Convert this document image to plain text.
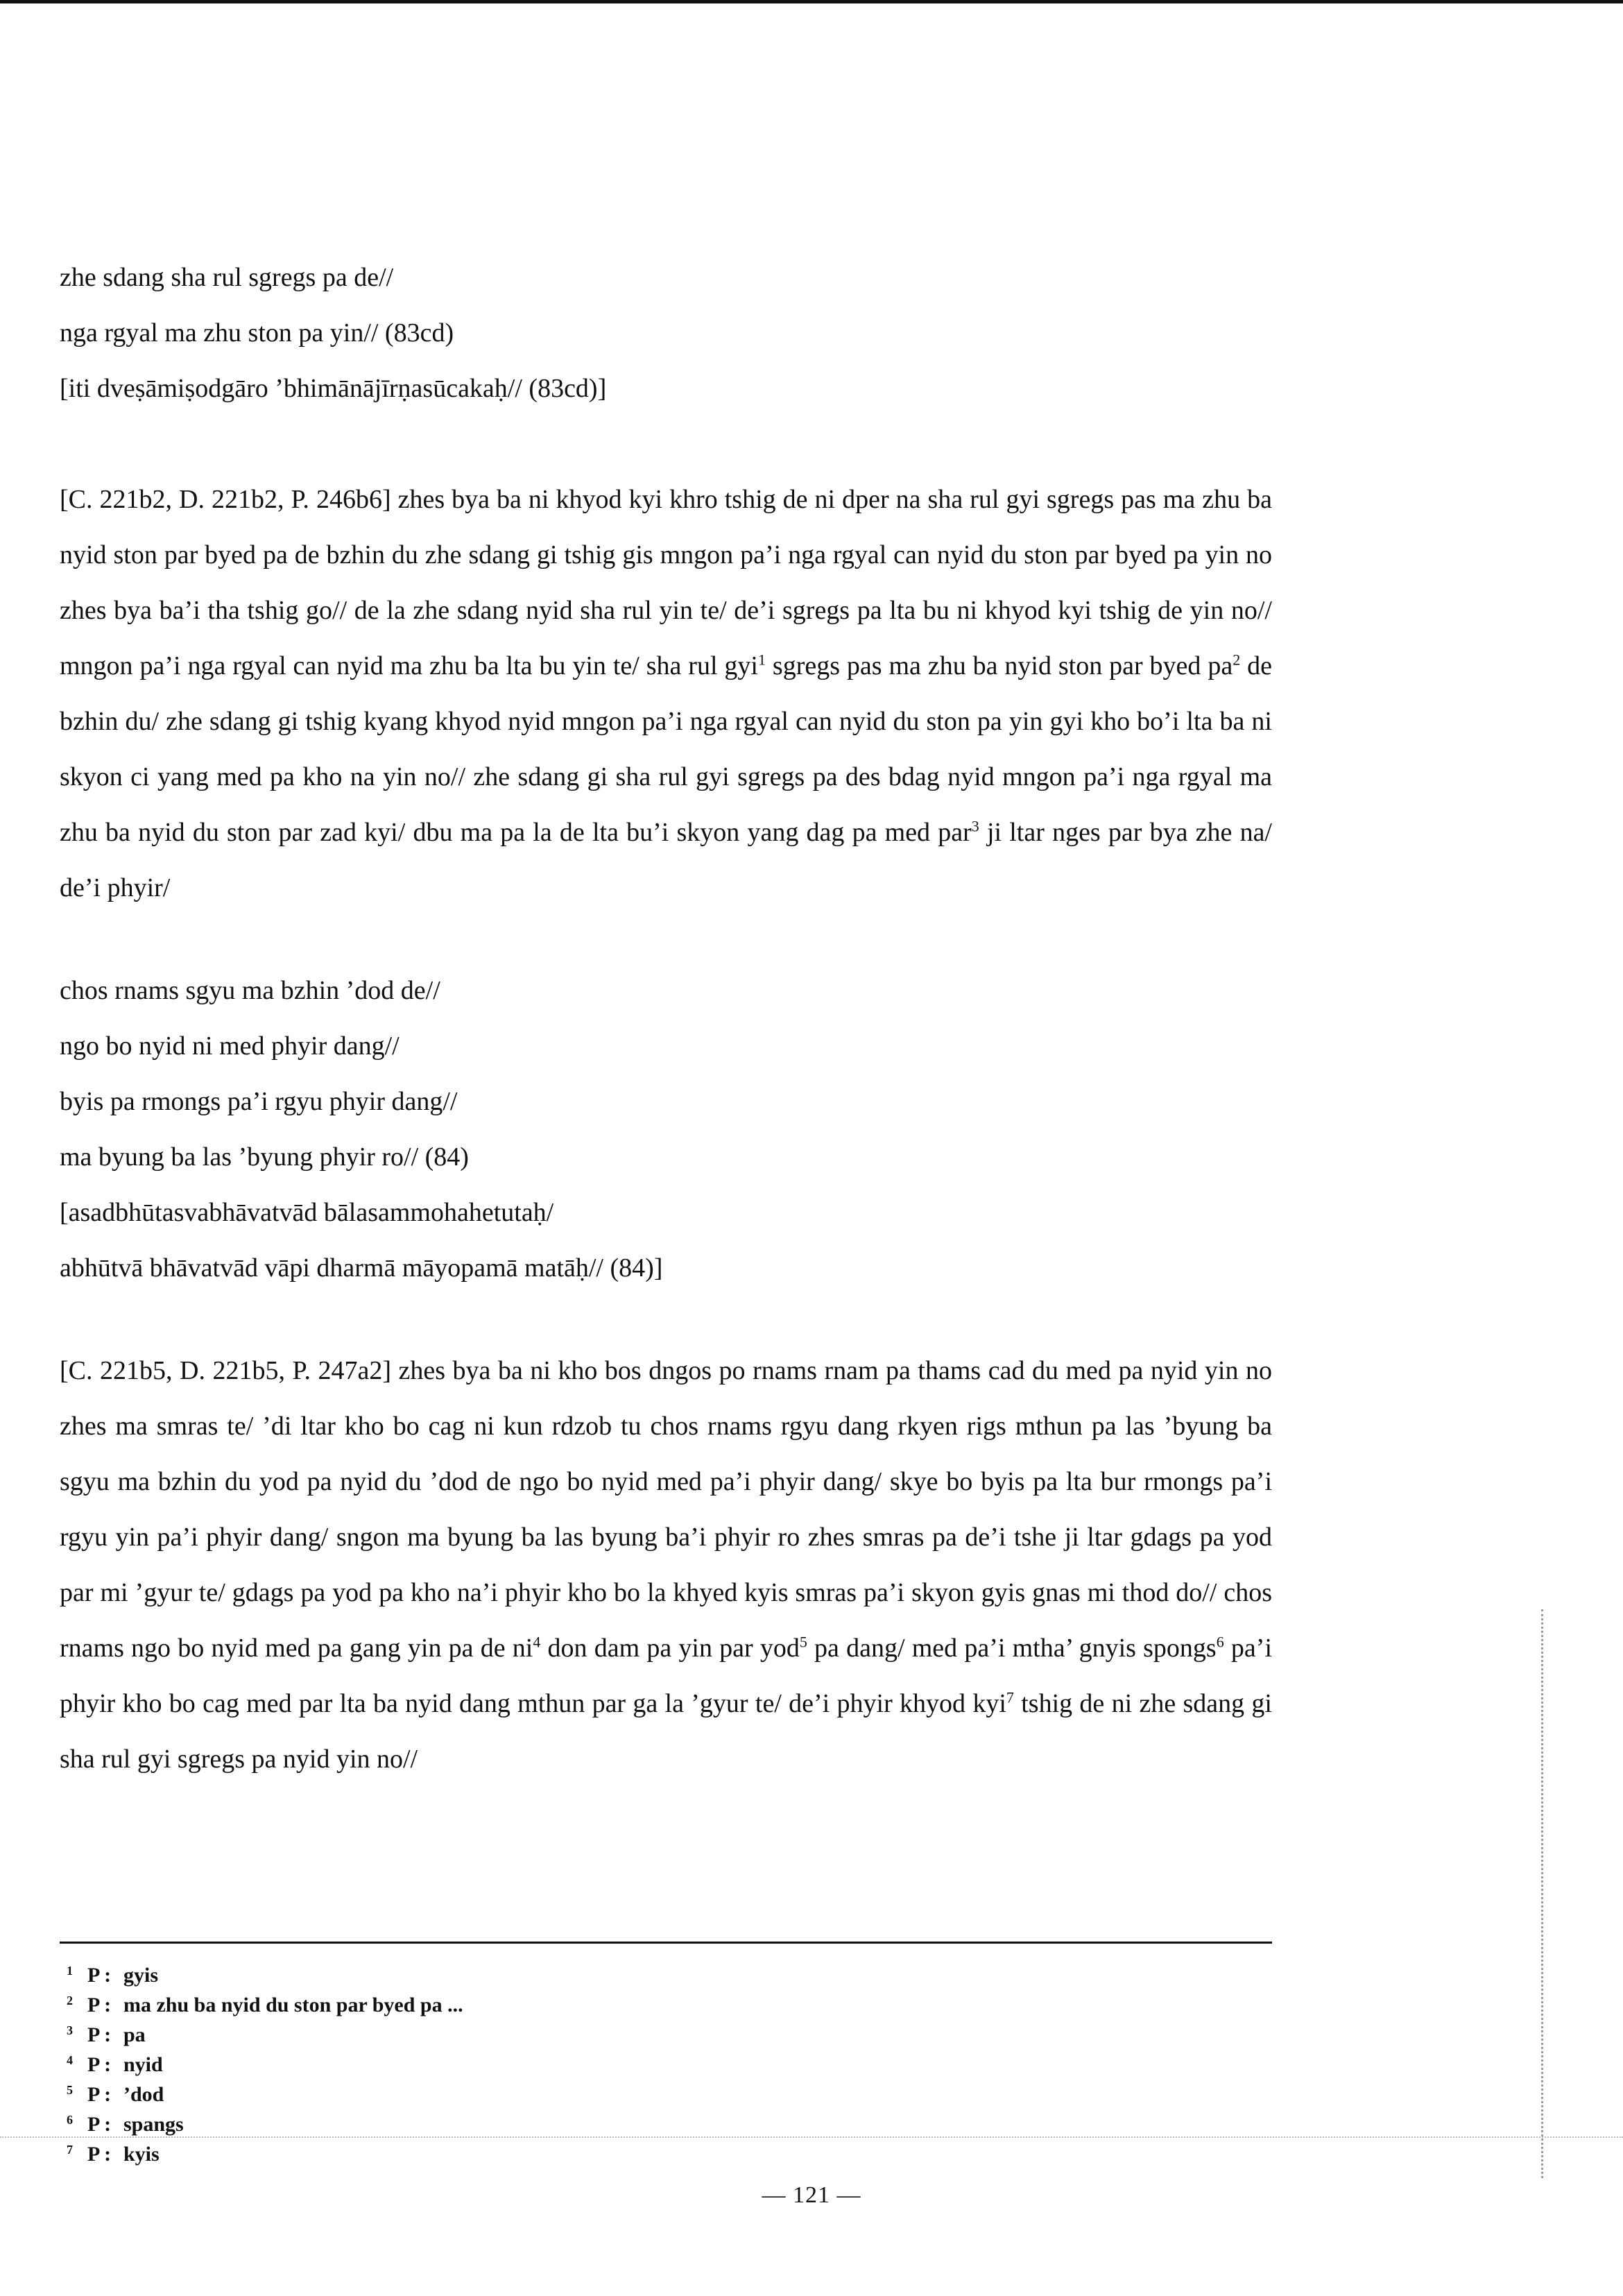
zhe sdang sha rul sgregs pa de//
nga rgyal ma zhu ston pa yin// (83cd)
[iti dveṣāmiṣodgāro ’bhimānājīrṇasūcakaḥ// (83cd)]

[C. 221b2, D. 221b2, P. 246b6] zhes bya ba ni khyod kyi khro tshig de ni dper na sha rul gyi sgregs pas ma zhu ba nyid ston par byed pa de bzhin du zhe sdang gi tshig gis mngon pa’i nga rgyal can nyid du ston par byed pa yin no zhes bya ba’i tha tshig go// de la zhe sdang nyid sha rul yin te/ de’i sgregs pa lta bu ni khyod kyi tshig de yin no// mngon pa’i nga rgyal can nyid ma zhu ba lta bu yin te/ sha rul gyi$^1$ sgregs pas ma zhu ba nyid ston par byed $pa^2$ de bzhin du/ zhe sdang gi tshig kyang khyod nyid mngon pa’i nga rgyal can nyid du ston pa yin gyi kho bo’i lta ba ni skyon ci yang med pa kho na yin no// zhe sdang gi sha rul gyi sgregs pa des bdag nyid mngon pa’i nga rgyal ma zhu ba nyid du ston par zad kyi/ dbu ma pa la de lta bu’i skyon yang dag pa med par$^3$ ji ltar nges par bya zhe na/ de’i phyir/

chos rnams sgyu ma bzhin ’dod de//
ngo bo nyid ni med phyir dang//
byis pa rmongs pa’i rgyu phyir dang//
ma byung ba las ’byung phyir ro// (84)
[asadbhūtasvabhāvatvād bālasammohahetutaḥ/
abhūtvā bhāvatvād vāpi dharmā māyopamā matāḥ// (84)]

[C. 221b5, D. 221b5, P. 247a2] zhes bya ba ni kho bos dngos po rnams rnam pa thams cad du med pa nyid yin no zhes ma smras te/ ’di ltar kho bo cag ni kun rdzob tu chos rnams rgyu dang rkyen rigs mthun pa las ’byung ba sgyu ma bzhin du yod pa nyid du ’dod de ngo bo nyid med pa’i phyir dang/ skye bo byis pa lta bur rmongs pa’i rgyu yin pa’i phyir dang/ sngon ma byung ba las byung ba’i phyir ro zhes smras pa de’i tshe ji ltar gdags pa yod par mi ’gyur te/ gdags pa yod pa kho na’i phyir kho bo la khyed kyis smras pa’i skyon gyis gnas mi thod do// chos rnams ngo bo nyid med pa gang yin pa de $ni^4$ don dam pa yin par yod$^5$ pa dang/ med pa’i mtha’ gnyis spongs$^6$ pa’i phyir kho bo cag med par lta ba nyid dang mthun par ga la ’gyur te/ de’i phyir khyod kyi$^7$ tshig de ni zhe sdang gi sha rul gyi sgregs pa nyid yin no//

1 P : gyis
2 P : ma zhu ba nyid du ston par byed pa ...
3 P : pa
4 P : nyid
5 P : ’dod
6 P : spangs
7 P : kyis
— 121 —
